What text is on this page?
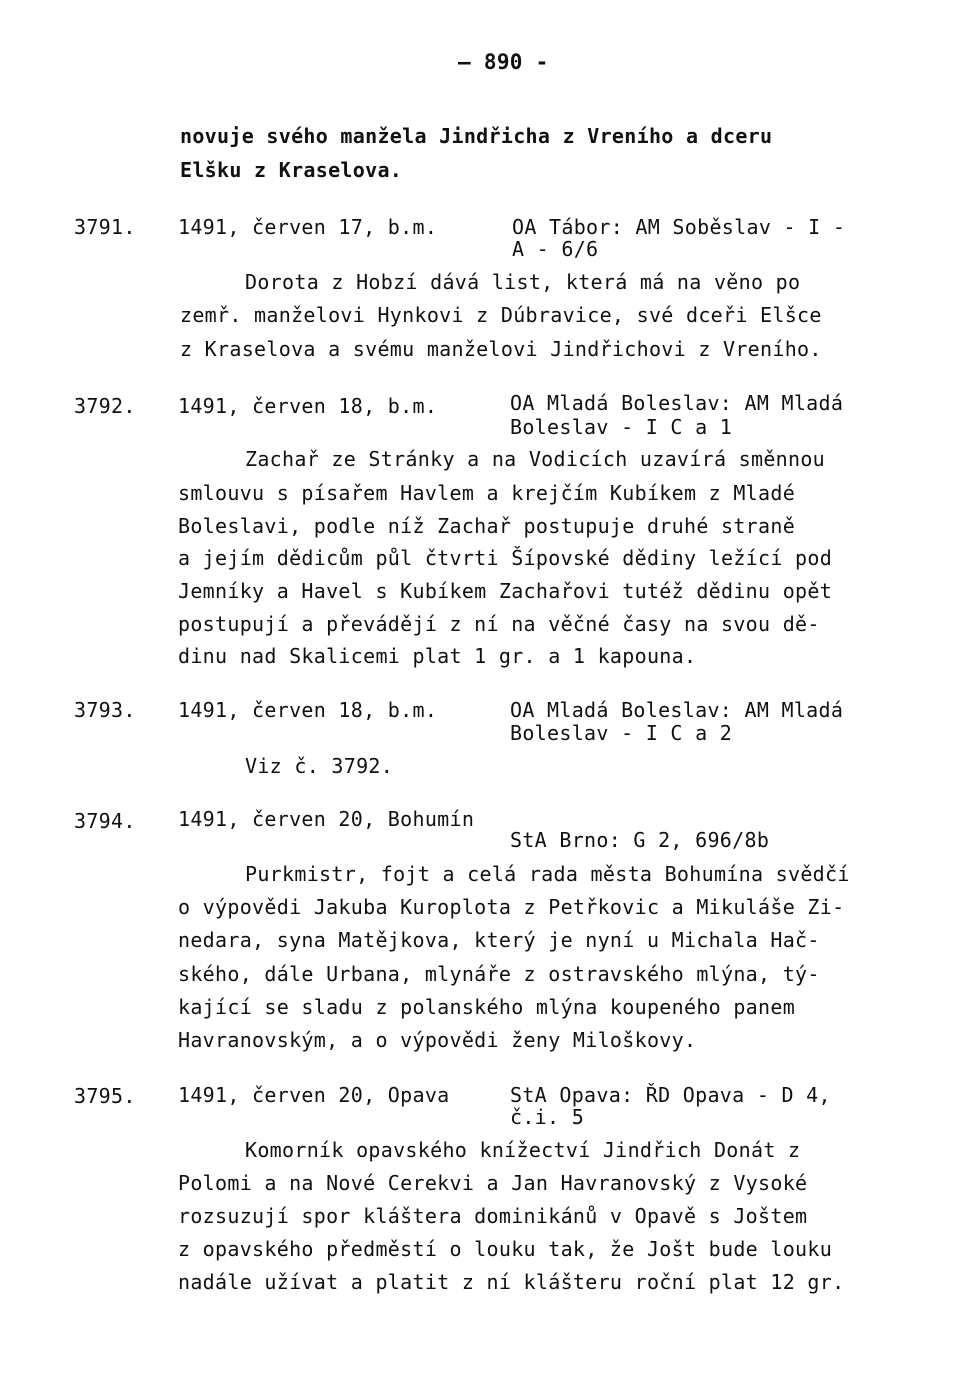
– 890 -
novuje svého manžela Jindřicha z Vreního a dceru
Elšku z Kraselova.
3791. 1491, červen 17, b.m.	OA Tábor: AM Soběslav - I -
A - 6/6
Dorota z Hobzí dává list, která má na věno po
zemř. manželovi Hynkovi z Dúbravice, své dceři Elšce
z Kraselova a svému manželovi Jindřichovi z Vreního.
3792. 1491, červen 18, b.m.	OA Mladá Boleslav: AM Mladá
Boleslav - I C a 1
Zachař ze Stránky a na Vodicích uzavírá směnnou
smlouvu s písařem Havlem a krejčím Kubíkem z Mladé
Boleslavi, podle níž Zachař postupuje druhé straně
a jejím dědicům půl čtvrti Šípovské dědiny ležící pod
Jemníky a Havel s Kubíkem Zachařovi tutéž dědinu opět
postupují a převádějí z ní na věčné časy na svou dě-
dinu nad Skalicemi plat 1 gr. a 1 kapouna.
3793. 1491, červen 18, b.m.	OA Mladá Boleslav: AM Mladá
Boleslav - I C a 2
Viz č. 3792.
3794. 1491, červen 20, Bohumín
StA Brno: G 2, 696/8b
Purkmistr, fojt a celá rada města Bohumína svědčí
o výpovědi Jakuba Kuroplota z Petřkovic a Mikuláše Zi-
nedara, syna Matějkova, který je nyní u Michala Hač-
ského, dále Urbana, mlynáře z ostravského mlýna, tý-
kající se sladu z polanského mlýna koupeného panem
Havranovským, a o výpovědi ženy Miloškovy.
3795. 1491, červen 20, Opava	StA Opava: ŘD Opava - D 4,
č.i. 5
Komorník opavského knížectví Jindřich Donát z
Polomi a na Nové Cerekvi a Jan Havranovský z Vysoké
rozsuzují spor kláštera dominikánů v Opavě s Joštem
z opavského předměstí o louku tak, že Jošt bude louku
nadále užívat a platit z ní klášteru roční plat 12 gr.
